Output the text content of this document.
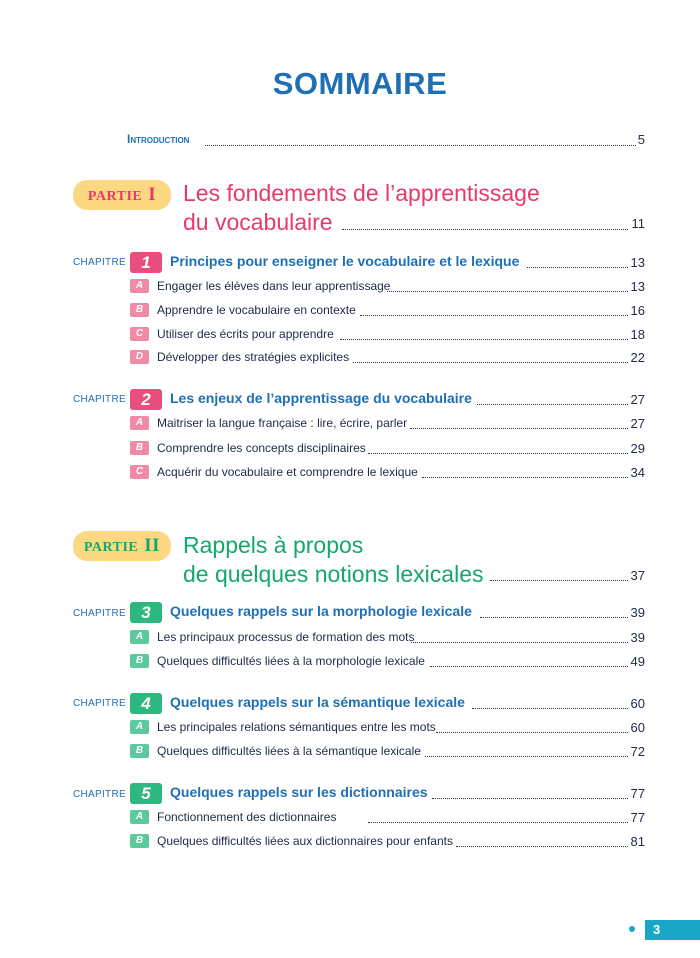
SOMMAIRE
Introduction	5
PARTIE I	Les fondements de l’apprentissage
du vocabulaire	11
CHAPITRE 1	Principes pour enseigner le vocabulaire et le lexique	13
A	Engager les élèves dans leur apprentissage	13
B	Apprendre le vocabulaire en contexte	16
C	Utiliser des écrits pour apprendre	18
D	Développer des stratégies explicites	22
CHAPITRE 2	Les enjeux de l’apprentissage du vocabulaire	27
A	Maitriser la langue française : lire, écrire, parler	27
B	Comprendre les concepts disciplinaires	29
C	Acquérir du vocabulaire et comprendre le lexique	34
PARTIE II Rappels à propos
de quelques notions lexicales	37
CHAPITRE 3	Quelques rappels sur la morphologie lexicale	39
A	Les principaux processus de formation des mots	39
B	Quelques difficultés liées à la morphologie lexicale	49
CHAPITRE 4	Quelques rappels sur la sémantique lexicale	60
A	Les principales relations sémantiques entre les mots	60
B	Quelques difficultés liées à la sémantique lexicale	72
CHAPITRE 5	Quelques rappels sur les dictionnaires	77
A	Fonctionnement des dictionnaires	77
B	Quelques difficultés liées aux dictionnaires pour enfants	81
3
